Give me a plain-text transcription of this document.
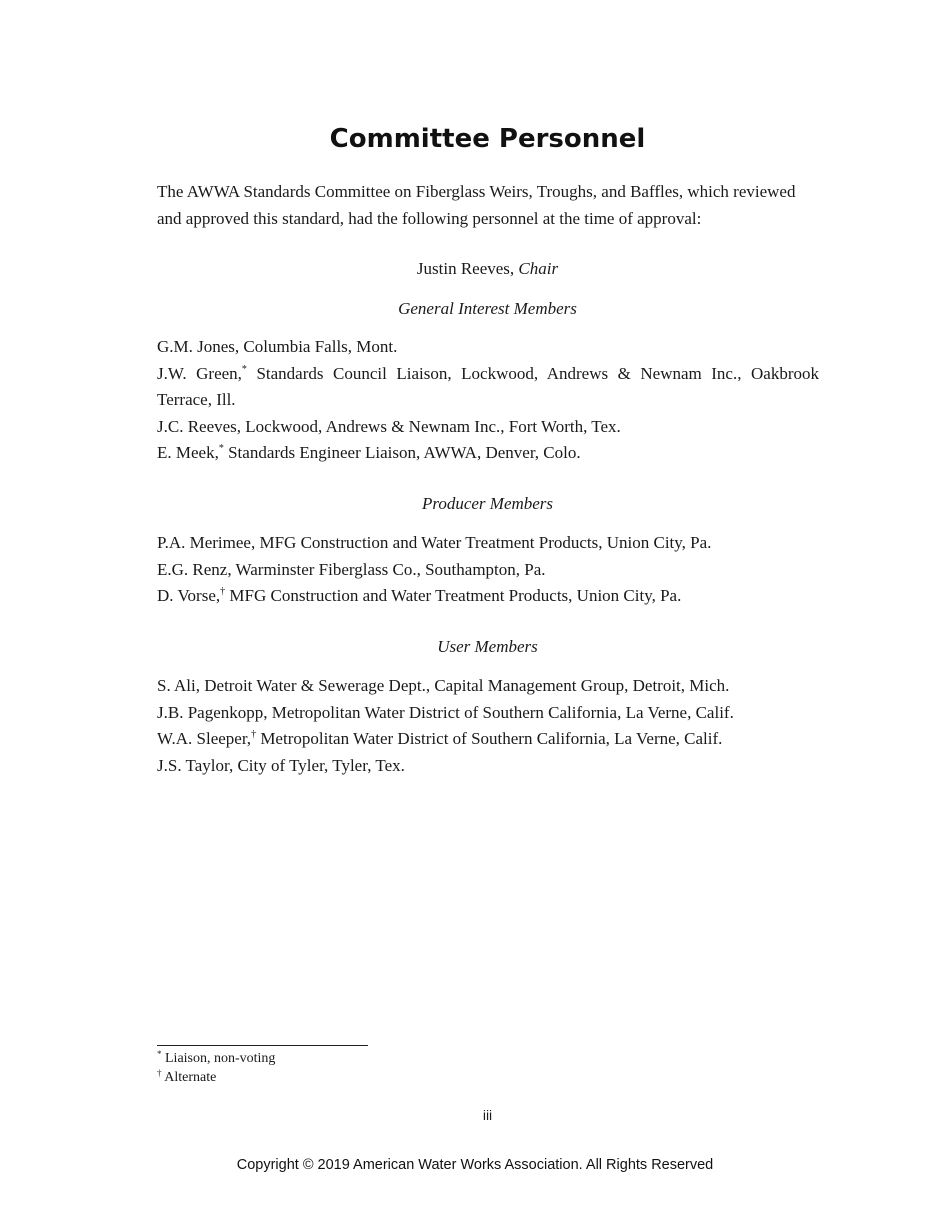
Committee Personnel
The AWWA Standards Committee on Fiberglass Weirs, Troughs, and Baffles, which reviewed and approved this standard, had the following personnel at the time of approval:
Justin Reeves, Chair
General Interest Members
G.M. Jones, Columbia Falls, Mont.
J.W. Green,* Standards Council Liaison, Lockwood, Andrews & Newnam Inc., Oakbrook Terrace, Ill.
J.C. Reeves, Lockwood, Andrews & Newnam Inc., Fort Worth, Tex.
E. Meek,* Standards Engineer Liaison, AWWA, Denver, Colo.
Producer Members
P.A. Merimee, MFG Construction and Water Treatment Products, Union City, Pa.
E.G. Renz, Warminster Fiberglass Co., Southampton, Pa.
D. Vorse,† MFG Construction and Water Treatment Products, Union City, Pa.
User Members
S. Ali, Detroit Water & Sewerage Dept., Capital Management Group, Detroit, Mich.
J.B. Pagenkopp, Metropolitan Water District of Southern California, La Verne, Calif.
W.A. Sleeper,† Metropolitan Water District of Southern California, La Verne, Calif.
J.S. Taylor, City of Tyler, Tyler, Tex.
* Liaison, non-voting
† Alternate
iii
Copyright © 2019 American Water Works Association. All Rights Reserved
